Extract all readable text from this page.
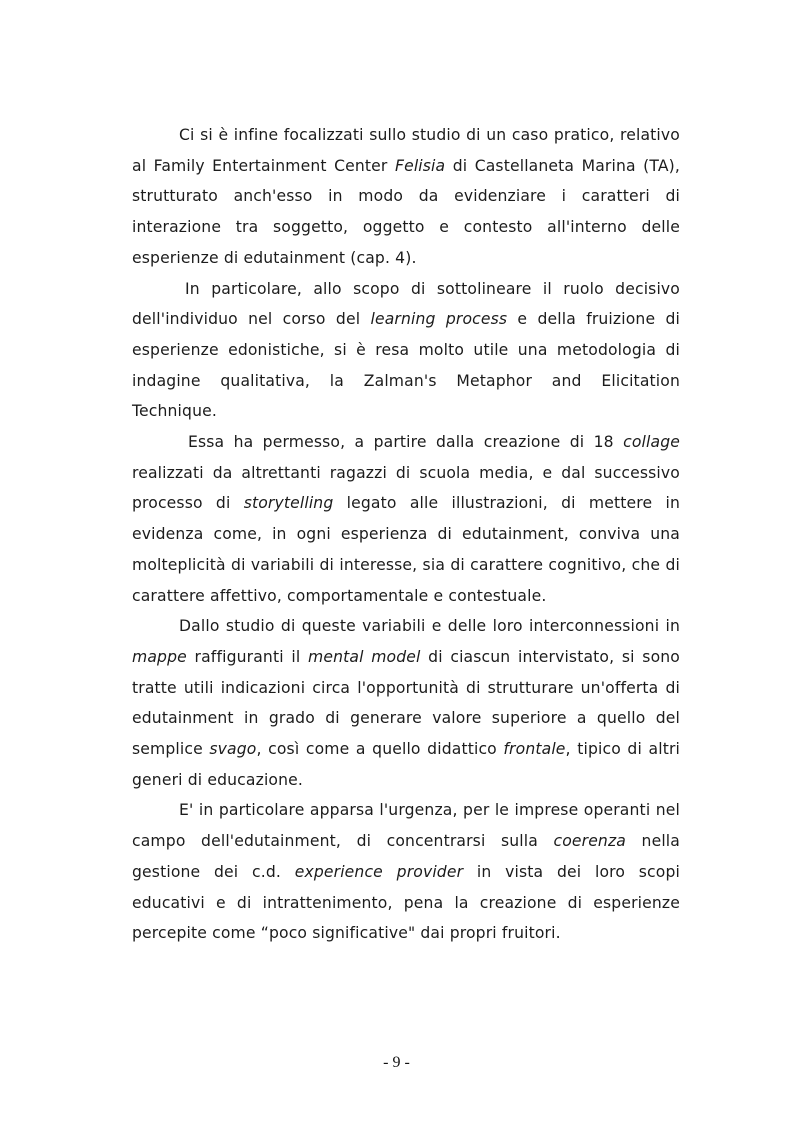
Ci si è infine focalizzati sullo studio di un caso pratico, relativo al Family Entertainment Center Felisia di Castellaneta Marina (TA), strutturato anch'esso in modo da evidenziare i caratteri di interazione tra soggetto, oggetto e contesto all'interno delle esperienze di edutainment (cap. 4).

In particolare, allo scopo di sottolineare il ruolo decisivo dell'individuo nel corso del learning process e della fruizione di esperienze edonistiche, si è resa molto utile una metodologia di indagine qualitativa, la Zalman's Metaphor and Elicitation Technique.

Essa ha permesso, a partire dalla creazione di 18 collage realizzati da altrettanti ragazzi di scuola media, e dal successivo processo di storytelling legato alle illustrazioni, di mettere in evidenza come, in ogni esperienza di edutainment, conviva una molteplicità di variabili di interesse, sia di carattere cognitivo, che di carattere affettivo, comportamentale e contestuale.

Dallo studio di queste variabili e delle loro interconnessioni in mappe raffiguranti il mental model di ciascun intervistato, si sono tratte utili indicazioni circa l'opportunità di strutturare un'offerta di edutainment in grado di generare valore superiore a quello del semplice svago, così come a quello didattico frontale, tipico di altri generi di educazione.

E' in particolare apparsa l'urgenza, per le imprese operanti nel campo dell'edutainment, di concentrarsi sulla coerenza nella gestione dei c.d. experience provider in vista dei loro scopi educativi e di intrattenimento, pena la creazione di esperienze percepite come “poco significative" dai propri fruitori.

- 9 -
